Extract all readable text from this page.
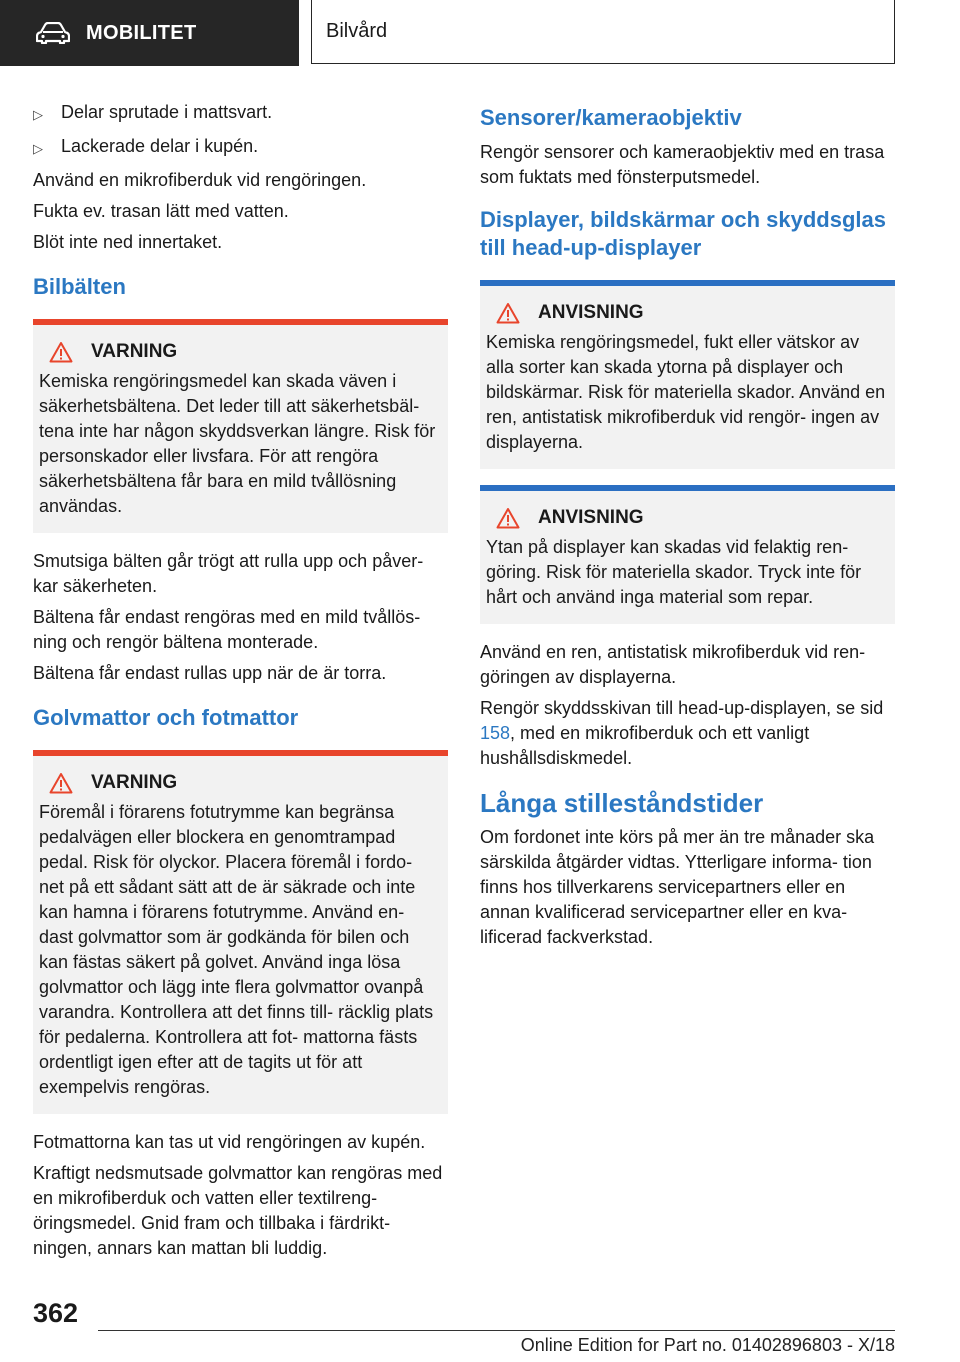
MOBILITET	Bilvård
▷	Delar sprutade i mattsvart.
▷	Lackerade delar i kupén.

Använd en mikrofiberduk vid rengöringen.

Fukta ev. trasan lätt med vatten.

Blöt inte ned innertaket.

Bilbälten
VARNING
Kemiska rengöringsmedel kan skada väven i säkerhetsbältena. Det leder till att säkerhetsbäl‐ tena inte har någon skyddsverkan längre. Risk för personskador eller livsfara. För att rengöra säkerhetsbältena får bara en mild tvållösning användas.

Smutsiga bälten går trögt att rulla upp och påver‐ kar säkerheten.

Bältena får endast rengöras med en mild tvållös‐ ning och rengör bältena monterade.

Bältena får endast rullas upp när de är torra.

Golvmattor och fotmattor
VARNING
Föremål i förarens fotutrymme kan begränsa pedalvägen eller blockera en genomtrampad pedal. Risk för olyckor. Placera föremål i fordo‐ net på ett sådant sätt att de är säkrade och inte kan hamna i förarens fotutrymme. Använd en‐ dast golvmattor som är godkända för bilen och kan fästas säkert på golvet. Använd inga lösa golvmattor och lägg inte flera golvmattor ovanpå varandra. Kontrollera att det finns till‐ räcklig plats för pedalerna. Kontrollera att fot‐ mattorna fästs ordentligt igen efter att de tagits ut för att exempelvis rengöras.

Fotmattorna kan tas ut vid rengöringen av kupén.

Kraftigt nedsmutsade golvmattor kan rengöras med en mikrofiberduk och vatten eller textilreng‐ öringsmedel. Gnid fram och tillbaka i färdrikt‐ ningen, annars kan mattan bli luddig.

Sensorer/kameraobjektiv

Rengör sensorer och kameraobjektiv med en trasa som fuktats med fönsterputsmedel.

Displayer, bildskärmar och skyddsglas till head-up-displayer
ANVISNING
Kemiska rengöringsmedel, fukt eller vätskor av alla sorter kan skada ytorna på displayer och bildskärmar. Risk för materiella skador. Använd en ren, antistatisk mikrofiberduk vid rengör‐ ingen av displayerna.
ANVISNING
Ytan på displayer kan skadas vid felaktig ren‐ göring. Risk för materiella skador. Tryck inte för hårt och använd inga material som repar.

Använd en ren, antistatisk mikrofiberduk vid ren‐ göringen av displayerna.

Rengör skyddsskivan till head-up-displayen, se sid 158, med en mikrofiberduk och ett vanligt hushållsdiskmedel.

Långa stilleståndstider

Om fordonet inte körs på mer än tre månader ska särskilda åtgärder vidtas. Ytterligare informa‐ tion finns hos tillverkarens servicepartners eller en annan kvalificerad servicepartner eller en kva‐ lificerad fackverkstad.

362
Online Edition for Part no. 01402896803 - X/18
